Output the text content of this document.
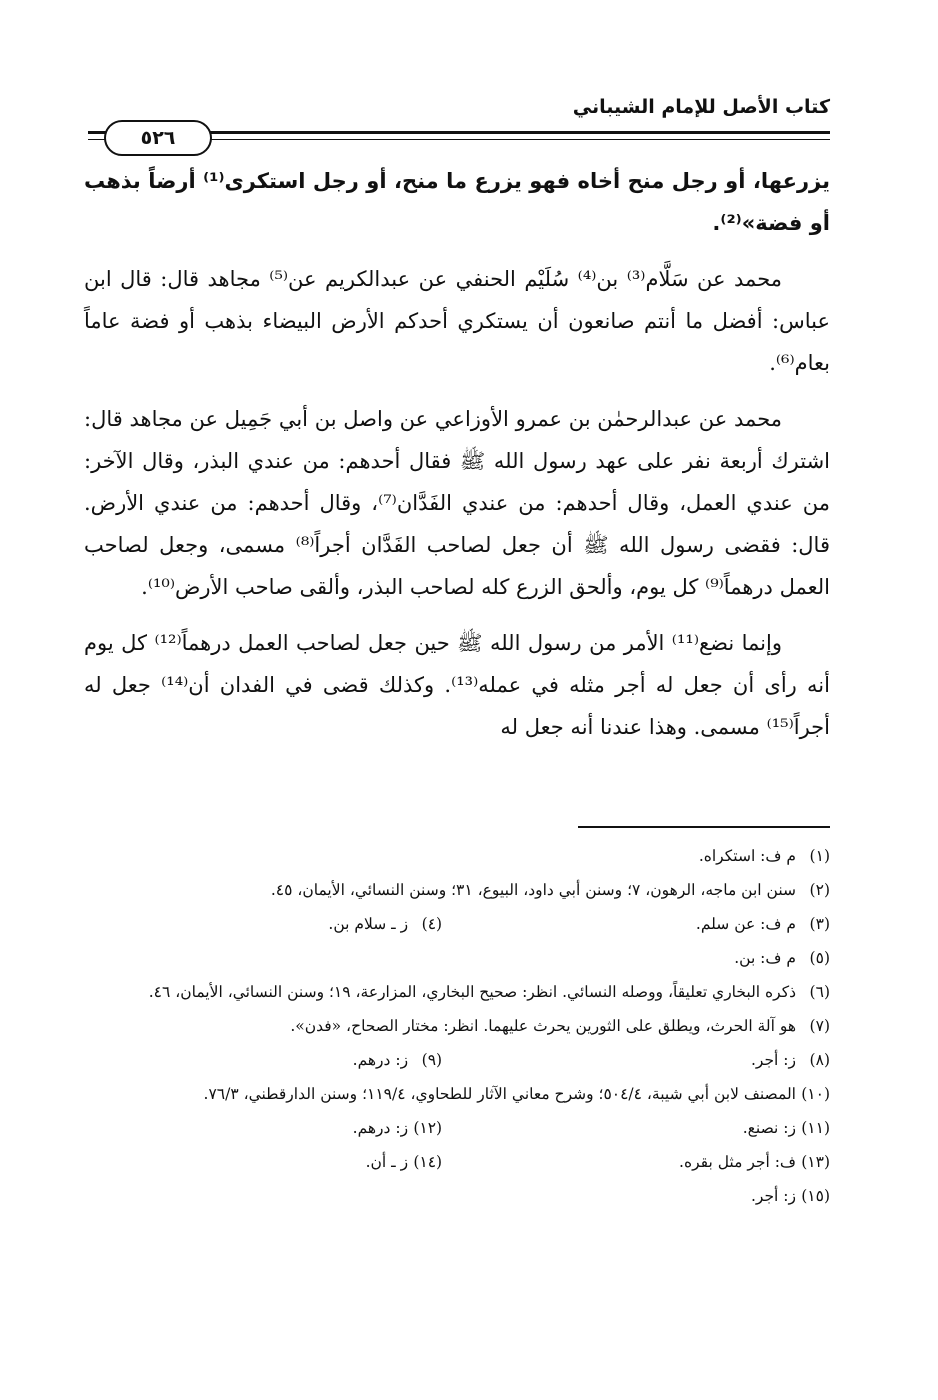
كتاب الأصل للإمام الشيباني
٥٢٦

يزرعها، أو رجل منح أخاه فهو يزرع ما منح، أو رجل استكرى⁽¹⁾ أرضاً بذهب أو فضة»⁽²⁾.

محمد عن سَلَّام⁽³⁾ بن⁽⁴⁾ سُلَيْم الحنفي عن عبدالكريم عن⁽⁵⁾ مجاهد قال: قال ابن عباس: أفضل ما أنتم صانعون أن يستكري أحدكم الأرض البيضاء بذهب أو فضة عاماً بعام⁽⁶⁾.

محمد عن عبدالرحمٰن بن عمرو الأوزاعي عن واصل بن أبي جَمِيل عن مجاهد قال: اشترك أربعة نفر على عهد رسول الله ﷺ فقال أحدهم: من عندي البذر، وقال الآخر: من عندي العمل، وقال أحدهم: من عندي الفَدَّان⁽⁷⁾، وقال أحدهم: من عندي الأرض. قال: فقضى رسول الله ﷺ أن جعل لصاحب الفَدَّان أجراً⁽⁸⁾ مسمى، وجعل لصاحب العمل درهماً⁽⁹⁾ كل يوم، وألحق الزرع كله لصاحب البذر، وألقى صاحب الأرض⁽¹⁰⁾.

وإنما نضع⁽¹¹⁾ الأمر من رسول الله ﷺ حين جعل لصاحب العمل درهماً⁽¹²⁾ كل يوم أنه رأى أن جعل له أجر مثله في عمله⁽¹³⁾. وكذلك قضى في الفدان أن⁽¹⁴⁾ جعل له أجراً⁽¹⁵⁾ مسمى. وهذا عندنا أنه جعل له

(١)
م ف: استكراه.
(٢)
سنن ابن ماجه، الرهون، ٧؛ وسنن أبي داود، البيوع، ٣١؛ وسنن النسائي، الأيمان، ٤٥.
(٣)
م ف: عن سلم.
(٤)
ز ـ سلام بن.
(٥)
م ف: بن.
(٦)
ذكره البخاري تعليقاً، ووصله النسائي. انظر: صحيح البخاري، المزارعة، ١٩؛ وسنن النسائي، الأيمان، ٤٦.
(٧)
هو آلة الحرث، ويطلق على الثورين يحرث عليهما. انظر: مختار الصحاح، «فدن».
(٨)
ز: أجر.
(٩)
ز: درهم.
(١٠)
المصنف لابن أبي شيبة، ٥٠٤/٤؛ وشرح معاني الآثار للطحاوي، ١١٩/٤؛ وسنن الدارقطني، ٧٦/٣.
(١١)
ز: نصنع.
(١٢)
ز: درهم.
(١٣)
ف: أجر مثل بقره.
(١٤)
ز ـ أن.
(١٥)
ز: أجر.
